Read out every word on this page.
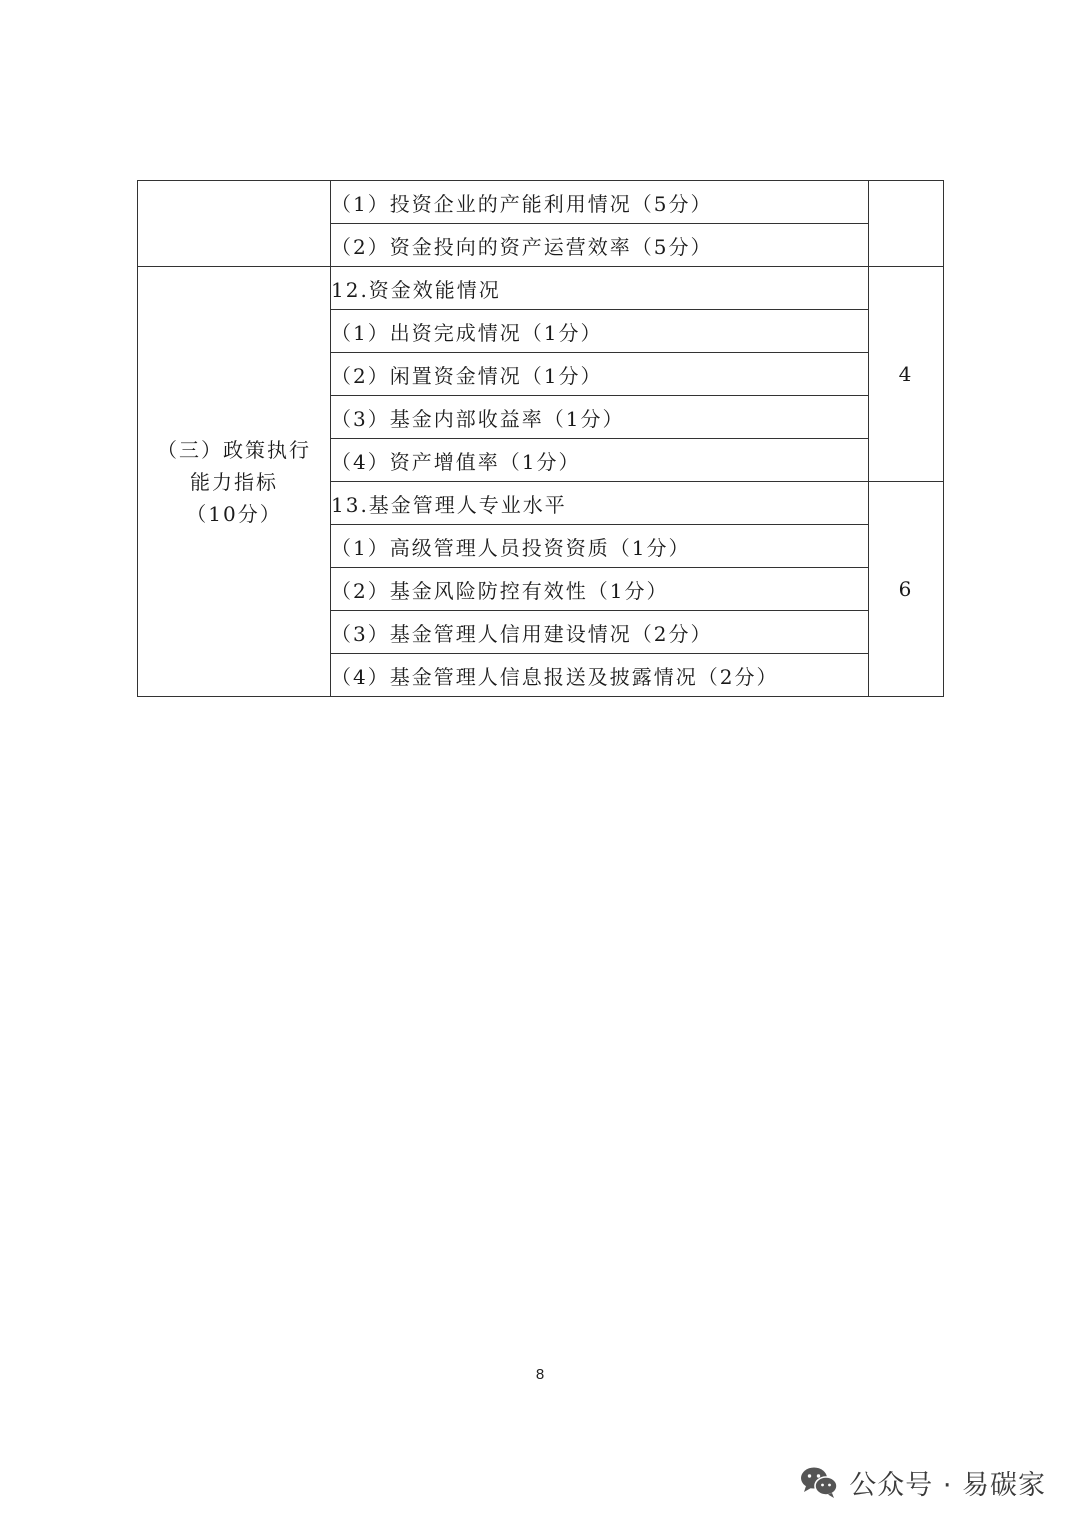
	（1）投资企业的产能利用情况（5分）	
	（2）资金投向的资产运营效率（5分）	

（三）政策执行
能力指标
（10分）	12.资金效能情况	4
	（1）出资完成情况（1分）	
	（2）闲置资金情况（1分）	
	（3）基金内部收益率（1分）	
	（4）资产增值率（1分）	
	13.基金管理人专业水平	6
	（1）高级管理人员投资资质（1分）	
	（2）基金风险防控有效性（1分）	
	（3）基金管理人信用建设情况（2分）	
	（4）基金管理人信息报送及披露情况（2分）	
8
公众号 · 易碳家
